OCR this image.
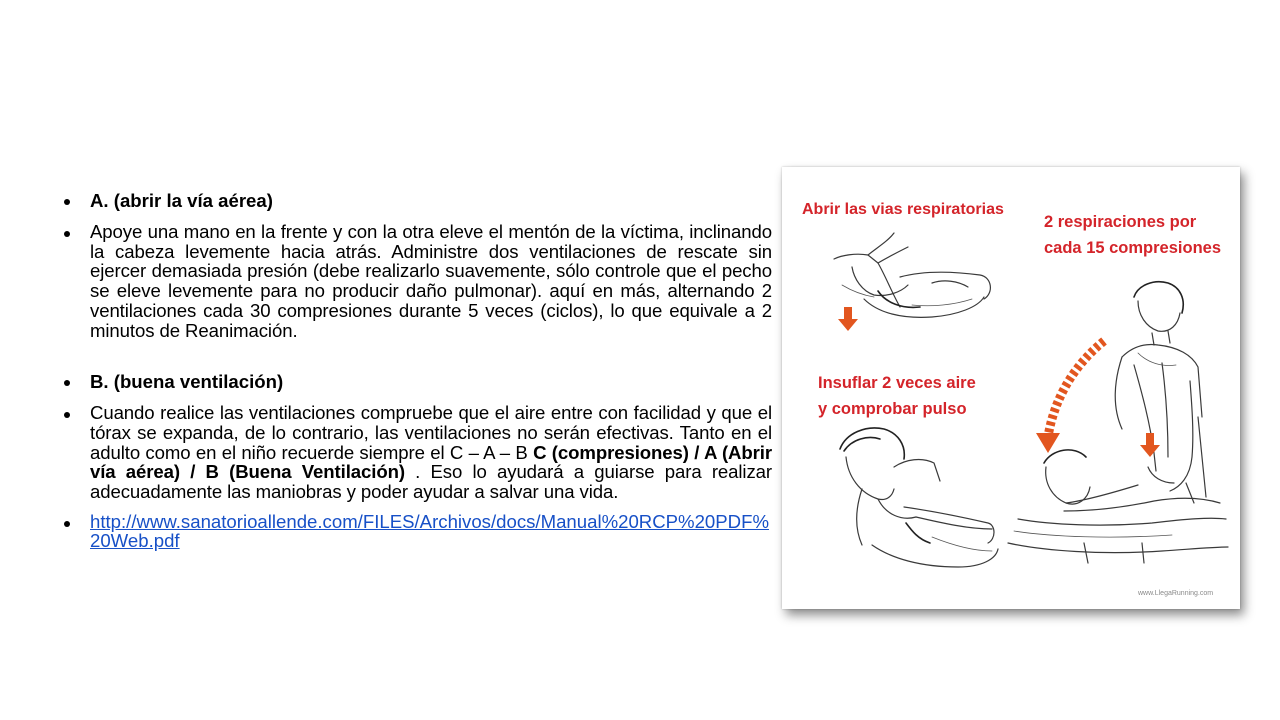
A. (abrir la vía aérea)
Apoye una mano en la frente y con la otra eleve el mentón de la víctima, inclinando la cabeza levemente hacia atrás. Administre dos ventilaciones de rescate sin ejercer demasiada presión (debe realizarlo suavemente, sólo controle que el pecho se eleve levemente para no producir daño pulmonar). aquí en más, alternando 2 ventilaciones cada 30 compresiones durante 5 veces (ciclos), lo que equivale a 2 minutos de Reanimación.
B. (buena ventilación)
Cuando realice las ventilaciones compruebe que el aire entre con facilidad y que el tórax se expanda, de lo contrario, las ventilaciones no serán efectivas. Tanto en el adulto como en el niño recuerde siempre el C – A – B C (compresiones) / A (Abrir vía aérea) / B (Buena Ventilación) . Eso lo ayudará a guiarse para realizar adecuadamente las maniobras y poder ayudar a salvar una vida.
http://www.sanatorioallende.com/FILES/Archivos/docs/Manual%20RCP%20PDF%20Web.pdf
Abrir las vias respiratorias
2 respiraciones por
cada 15 compresiones
Insuflar 2 veces aire
y comprobar pulso
www.LlegaRunning.com
